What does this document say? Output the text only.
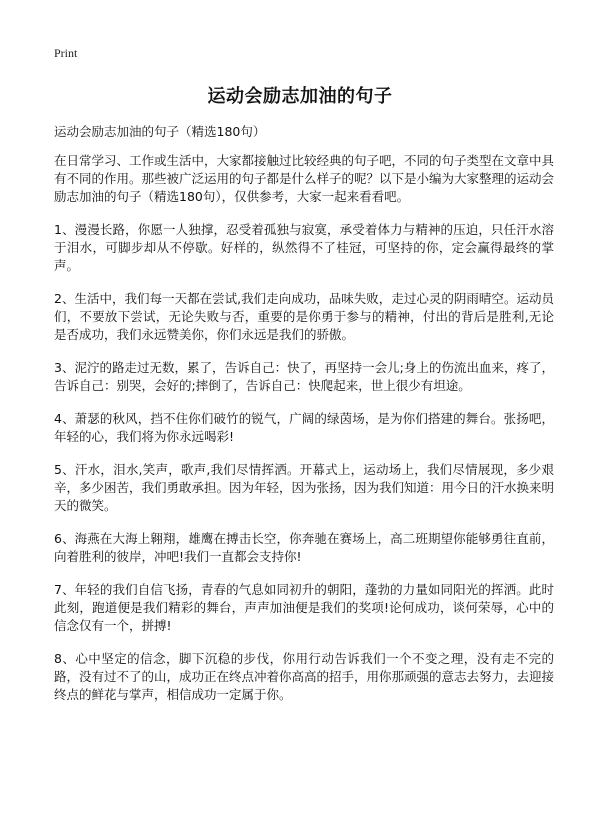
Print
运动会励志加油的句子

运动会励志加油的句子（精选180句）

在日常学习、工作或生活中，大家都接触过比较经典的句子吧，不同的句子类型在文章中具有不同的作用。那些被广泛运用的句子都是什么样子的呢？以下是小编为大家整理的运动会励志加油的句子（精选180句），仅供参考，大家一起来看看吧。

1、漫漫长路，你愿一人独撑，忍受着孤独与寂寞，承受着体力与精神的压迫，只任汗水溶于泪水，可脚步却从不停歇。好样的，纵然得不了桂冠，可坚持的你，定会赢得最终的掌声。

2、生活中，我们每一天都在尝试,我们走向成功，品味失败，走过心灵的阴雨晴空。运动员们，不要放下尝试，无论失败与否，重要的是你勇于参与的精神，付出的背后是胜利,无论是否成功，我们永远赞美你，你们永远是我们的骄傲。

3、泥泞的路走过无数，累了，告诉自己：快了，再坚持一会儿;身上的伤流出血来，疼了，告诉自己：别哭，会好的;摔倒了，告诉自己：快爬起来，世上很少有坦途。

4、萧瑟的秋风，挡不住你们破竹的锐气，广阔的绿茵场，是为你们搭建的舞台。张扬吧，年轻的心，我们将为你永远喝彩!

5、汗水，泪水,笑声，歌声,我们尽情挥洒。开幕式上，运动场上，我们尽情展现，多少艰辛，多少困苦，我们勇敢承担。因为年轻，因为张扬，因为我们知道：用今日的汗水换来明天的微笑。

6、海燕在大海上翱翔，雄鹰在搏击长空，你奔驰在赛场上，高二班期望你能够勇往直前，向着胜利的彼岸，冲吧!我们一直都会支持你!

7、年轻的我们自信飞扬，青春的气息如同初升的朝阳，蓬勃的力量如同阳光的挥洒。此时此刻，跑道便是我们精彩的舞台，声声加油便是我们的奖项!论何成功，谈何荣辱，心中的信念仅有一个，拼搏!

8、心中坚定的信念，脚下沉稳的步伐，你用行动告诉我们一个不变之理，没有走不完的路，没有过不了的山，成功正在终点冲着你高高的招手，用你那顽强的意志去努力，去迎接终点的鲜花与掌声，相信成功一定属于你。
